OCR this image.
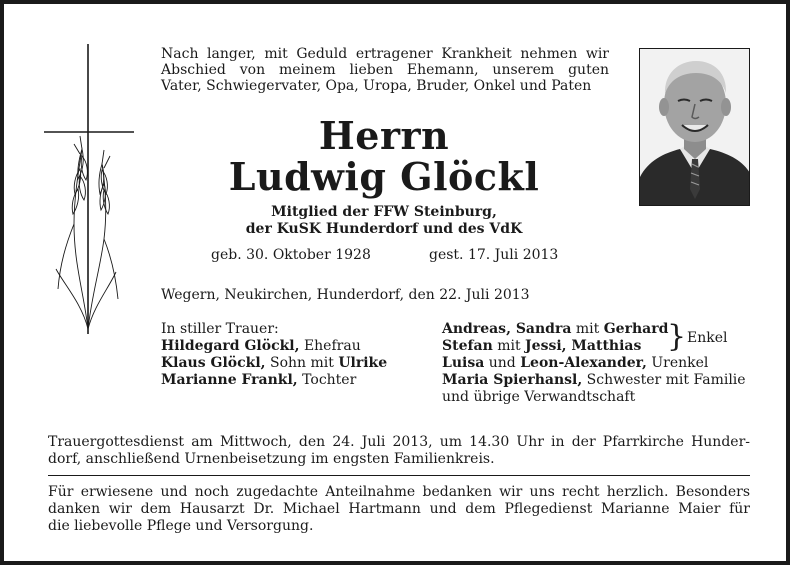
Nach langer, mit Geduld ertragener Krankheit nehmen wir
Abschied von meinem lieben Ehemann, unserem guten
Vater, Schwiegervater, Opa, Uropa, Bruder, Onkel und Paten
Herrn
Ludwig Glöckl
Mitglied der FFW Steinburg,
der KuSK Hunderdorf und des VdK
geb. 30. Oktober 1928	gest. 17. Juli 2013
Wegern, Neukirchen, Hunderdorf, den 22. Juli 2013
In stiller Trauer:
Hildegard Glöckl, Ehefrau
Klaus Glöckl, Sohn mit Ulrike
Marianne Frankl, Tochter
Andreas, Sandra mit Gerhard
Stefan mit Jessi, Matthias
Luisa und Leon-Alexander, Urenkel
Maria Spierhansl, Schwester mit Familie
und übrige Verwandtschaft
} Enkel
Trauergottesdienst am Mittwoch, den 24. Juli 2013, um 14.30 Uhr in der Pfarrkirche Hunder-
dorf, anschließend Urnenbeisetzung im engsten Familienkreis.
Für erwiesene und noch zugedachte Anteilnahme bedanken wir uns recht herzlich. Besonders
danken wir dem Hausarzt Dr. Michael Hartmann und dem Pflegedienst Marianne Maier für
die liebevolle Pflege und Versorgung.
